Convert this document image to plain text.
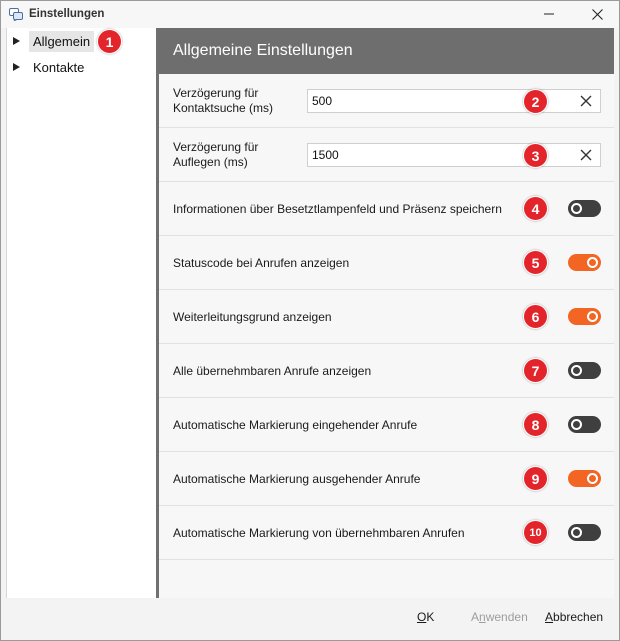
Einstellungen
Allgemein
Kontakte
Allgemeine Einstellungen
Verzögerung für Kontaktsuche (ms)
500
Verzögerung für Auflegen (ms)
1500
Informationen über Besetztlampenfeld und Präsenz speichern
Statuscode bei Anrufen anzeigen
Weiterleitungsgrund anzeigen
Alle übernehmbaren Anrufe anzeigen
Automatische Markierung eingehender Anrufe
Automatische Markierung ausgehender Anrufe
Automatische Markierung von übernehmbaren Anrufen
1
2
3
4
5
6
7
8
9
10
OK	Anwenden Abbrechen
